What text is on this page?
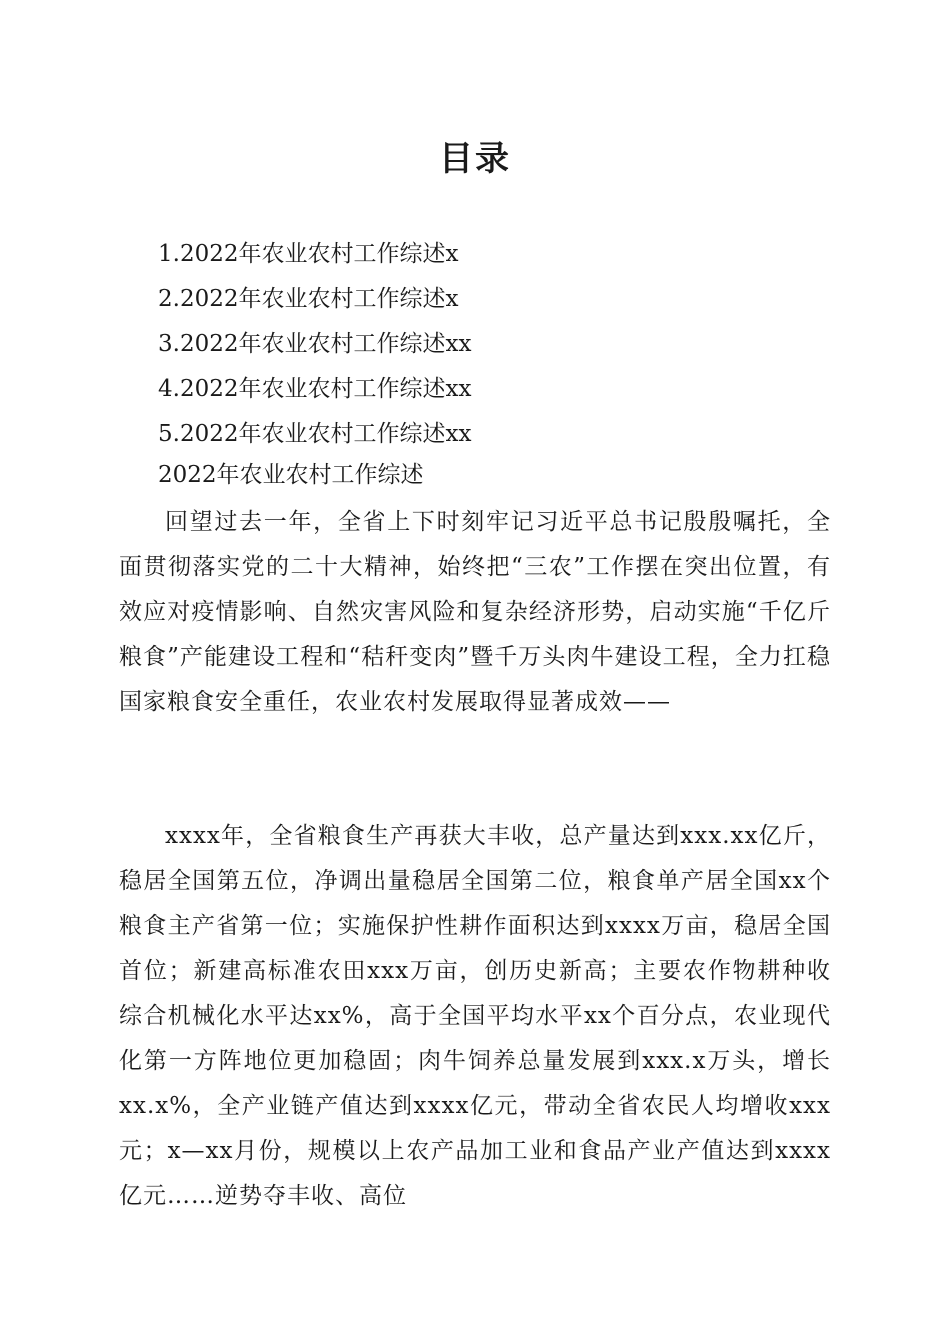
目录
1.2022年农业农村工作综述x
2.2022年农业农村工作综述x
3.2022年农业农村工作综述xx
4.2022年农业农村工作综述xx
5.2022年农业农村工作综述xx
2022年农业农村工作综述

回望过去一年，全省上下时刻牢记习近平总书记殷殷嘱托，全面贯彻落实党的二十大精神，始终把“三农”工作摆在突出位置，有效应对疫情影响、自然灾害风险和复杂经济形势，启动实施“千亿斤粮食”产能建设工程和“秸秆变肉”暨千万头肉牛建设工程，全力扛稳国家粮食安全重任，农业农村发展取得显著成效——

xxxx年，全省粮食生产再获大丰收，总产量达到xxx.xx亿斤，稳居全国第五位，净调出量稳居全国第二位，粮食单产居全国xx个粮食主产省第一位；实施保护性耕作面积达到xxxx万亩，稳居全国首位；新建高标准农田xxx万亩，创历史新高；主要农作物耕种收综合机械化水平达xx%，高于全国平均水平xx个百分点，农业现代化第一方阵地位更加稳固；肉牛饲养总量发展到xxx.x万头，增长xx.x%，全产业链产值达到xxxx亿元，带动全省农民人均增收xxx元；x—xx月份，规模以上农产品加工业和食品产业产值达到xxxx亿元……逆势夺丰收、高位
